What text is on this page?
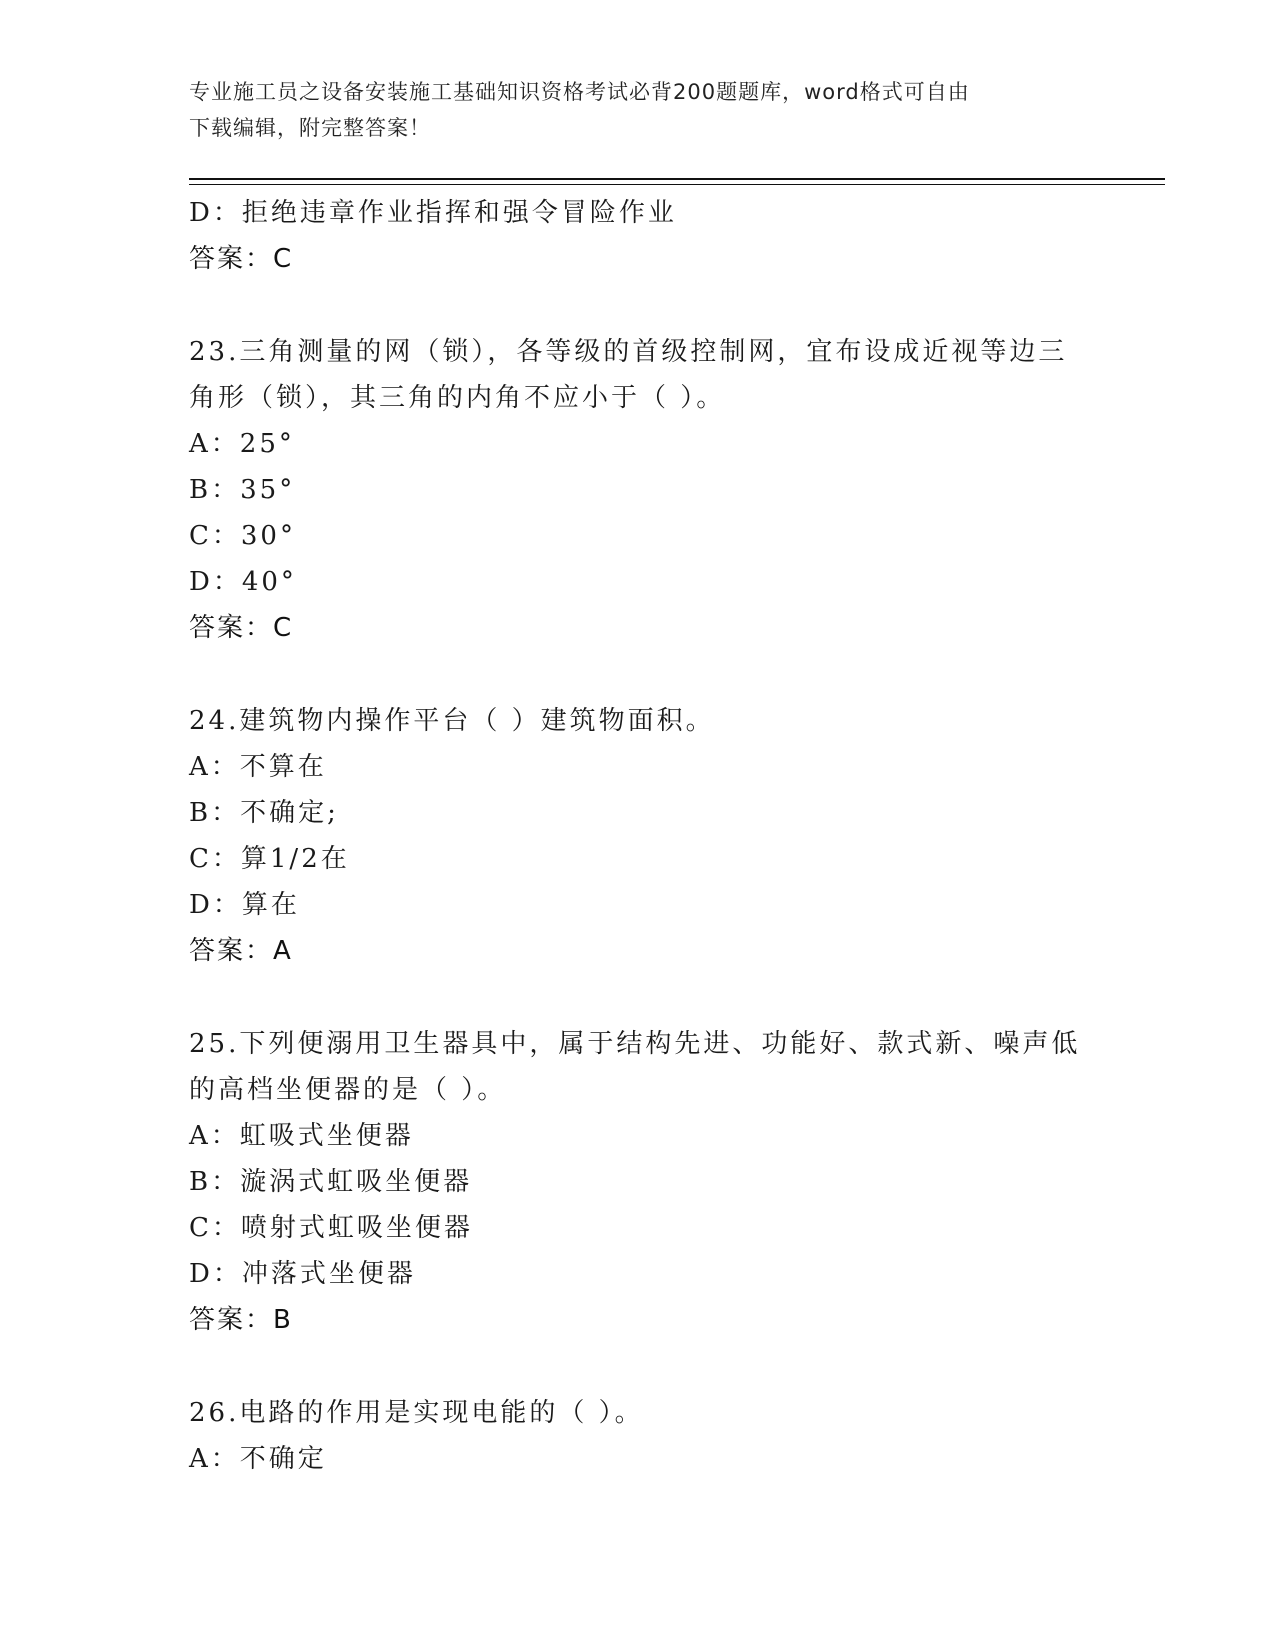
专业施工员之设备安装施工基础知识资格考试必背200题题库，word格式可自由
下载编辑，附完整答案！
D：拒绝违章作业指挥和强令冒险作业
答案：C
23.三角测量的网（锁），各等级的首级控制网，宜布设成近视等边三
角形（锁），其三角的内角不应小于（ ）。
A：25°
B：35°
C：30°
D：40°
答案：C
24.建筑物内操作平台（ ）建筑物面积。
A：不算在
B：不确定;
C：算1/2在
D：算在
答案：A
25.下列便溺用卫生器具中，属于结构先进、功能好、款式新、噪声低
的高档坐便器的是（ ）。
A：虹吸式坐便器
B：漩涡式虹吸坐便器
C：喷射式虹吸坐便器
D：冲落式坐便器
答案：B
26.电路的作用是实现电能的（ ）。
A：不确定
